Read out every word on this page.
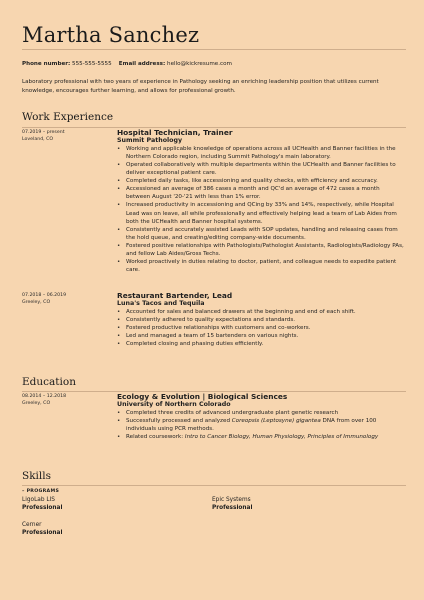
Martha Sanchez
Phone number: 555-555-5555 Email address: hello@kickresume.com
Laboratory professional with two years of experience in Pathology seeking an enriching leadership position that utilizes current knowledge, encourages further learning, and allows for professional growth.
Work Experience
07.2019 – present
Loveland, CO
Hospital Technician, Trainer
Summit Pathology
• Working and applicable knowledge of operations across all UCHealth and Banner facilities in the Northern Colorado region, including Summit Pathology's main laboratory.
• Operated collaboratively with multiple departments within the UCHealth and Banner facilities to deliver exceptional patient care.
• Completed daily tasks, like accessioning and quality checks, with efficiency and accuracy.
• Accessioned an average of 386 cases a month and QC'd an average of 472 cases a month between August '20-'21 with less than 1% error.
• Increased productivity in accessioning and QCing by 33% and 14%, respectively, while Hospital Lead was on leave, all while professionally and effectively helping lead a team of Lab Aides from both the UCHealth and Banner hospital systems.
• Consistently and accurately assisted Leads with SOP updates, handling and releasing cases from the hold queue, and creating/editing company-wide documents.
• Fostered positive relationships with Pathologists/Pathologist Assistants, Radiologists/Radiology PAs, and fellow Lab Aides/Gross Techs.
• Worked proactively in duties relating to doctor, patient, and colleague needs to expedite patient care.
07.2018 – 06.2019
Greeley, CO
Restaurant Bartender, Lead
Luna's Tacos and Tequila
• Accounted for sales and balanced drawers at the beginning and end of each shift.
• Consistently adhered to quality expectations and standards.
• Fostered productive relationships with customers and co-workers.
• Led and managed a team of 15 bartenders on various nights.
• Completed closing and phasing duties efficiently.
Education
08.2014 – 12.2018
Greeley, CO
Ecology & Evolution | Biological Sciences
University of Northern Colorado
• Completed three credits of advanced undergraduate plant genetic research
• Successfully processed and analyzed Coreopsis (Leptosyne) gigantea DNA from over 100 individuals using PCR methods.
• Related coursework: Intro to Cancer Biology, Human Physiology, Principles of Immunology
Skills
– PROGRAMS
LigoLab LIS
Professional
Epic Systems
Professional
Cerner
Professional
